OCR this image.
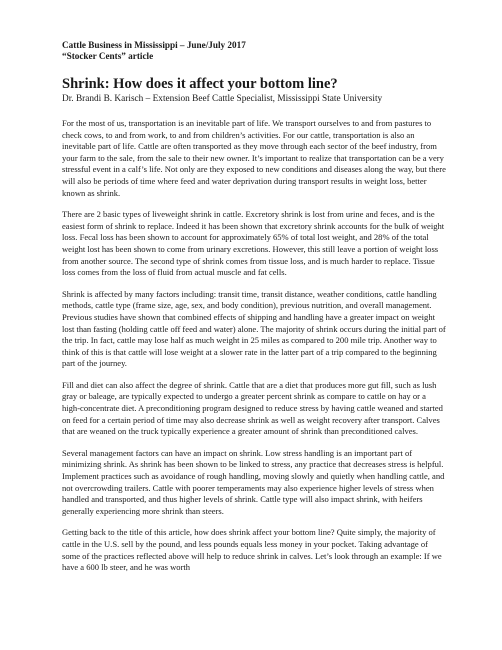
Cattle Business in Mississippi – June/July 2017

“Stocker Cents” article

Shrink: How does it affect your bottom line?

Dr. Brandi B. Karisch – Extension Beef Cattle Specialist, Mississippi State University

For the most of us, transportation is an inevitable part of life. We transport ourselves to and from pastures to check cows, to and from work, to and from children’s activities. For our cattle, transportation is also an inevitable part of life. Cattle are often transported as they move through each sector of the beef industry, from your farm to the sale, from the sale to their new owner. It’s important to realize that transportation can be a very stressful event in a calf’s life. Not only are they exposed to new conditions and diseases along the way, but there will also be periods of time where feed and water deprivation during transport results in weight loss, better known as shrink.

There are 2 basic types of liveweight shrink in cattle. Excretory shrink is lost from urine and feces, and is the easiest form of shrink to replace. Indeed it has been shown that excretory shrink accounts for the bulk of weight loss. Fecal loss has been shown to account for approximately 65% of total lost weight, and 28% of the total weight lost has been shown to come from urinary excretions. However, this still leave a portion of weight loss from another source. The second type of shrink comes from tissue loss, and is much harder to replace. Tissue loss comes from the loss of fluid from actual muscle and fat cells.

Shrink is affected by many factors including: transit time, transit distance, weather conditions, cattle handling methods, cattle type (frame size, age, sex, and body condition), previous nutrition, and overall management. Previous studies have shown that combined effects of shipping and handling have a greater impact on weight lost than fasting (holding cattle off feed and water) alone. The majority of shrink occurs during the initial part of the trip. In fact, cattle may lose half as much weight in 25 miles as compared to 200 mile trip. Another way to think of this is that cattle will lose weight at a slower rate in the latter part of a trip compared to the beginning part of the journey.

Fill and diet can also affect the degree of shrink. Cattle that are a diet that produces more gut fill, such as lush gray or baleage, are typically expected to undergo a greater percent shrink as compare to cattle on hay or a high-concentrate diet. A preconditioning program designed to reduce stress by having cattle weaned and started on feed for a certain period of time may also decrease shrink as well as weight recovery after transport. Calves that are weaned on the truck typically experience a greater amount of shrink than preconditioned calves.

Several management factors can have an impact on shrink. Low stress handling is an important part of minimizing shrink. As shrink has been shown to be linked to stress, any practice that decreases stress is helpful. Implement practices such as avoidance of rough handling, moving slowly and quietly when handling cattle, and not overcrowding trailers. Cattle with poorer temperaments may also experience higher levels of stress when handled and transported, and thus higher levels of shrink. Cattle type will also impact shrink, with heifers generally experiencing more shrink than steers.

Getting back to the title of this article, how does shrink affect your bottom line? Quite simply, the majority of cattle in the U.S. sell by the pound, and less pounds equals less money in your pocket. Taking advantage of some of the practices reflected above will help to reduce shrink in calves. Let’s look through an example: If we have a 600 lb steer, and he was worth
